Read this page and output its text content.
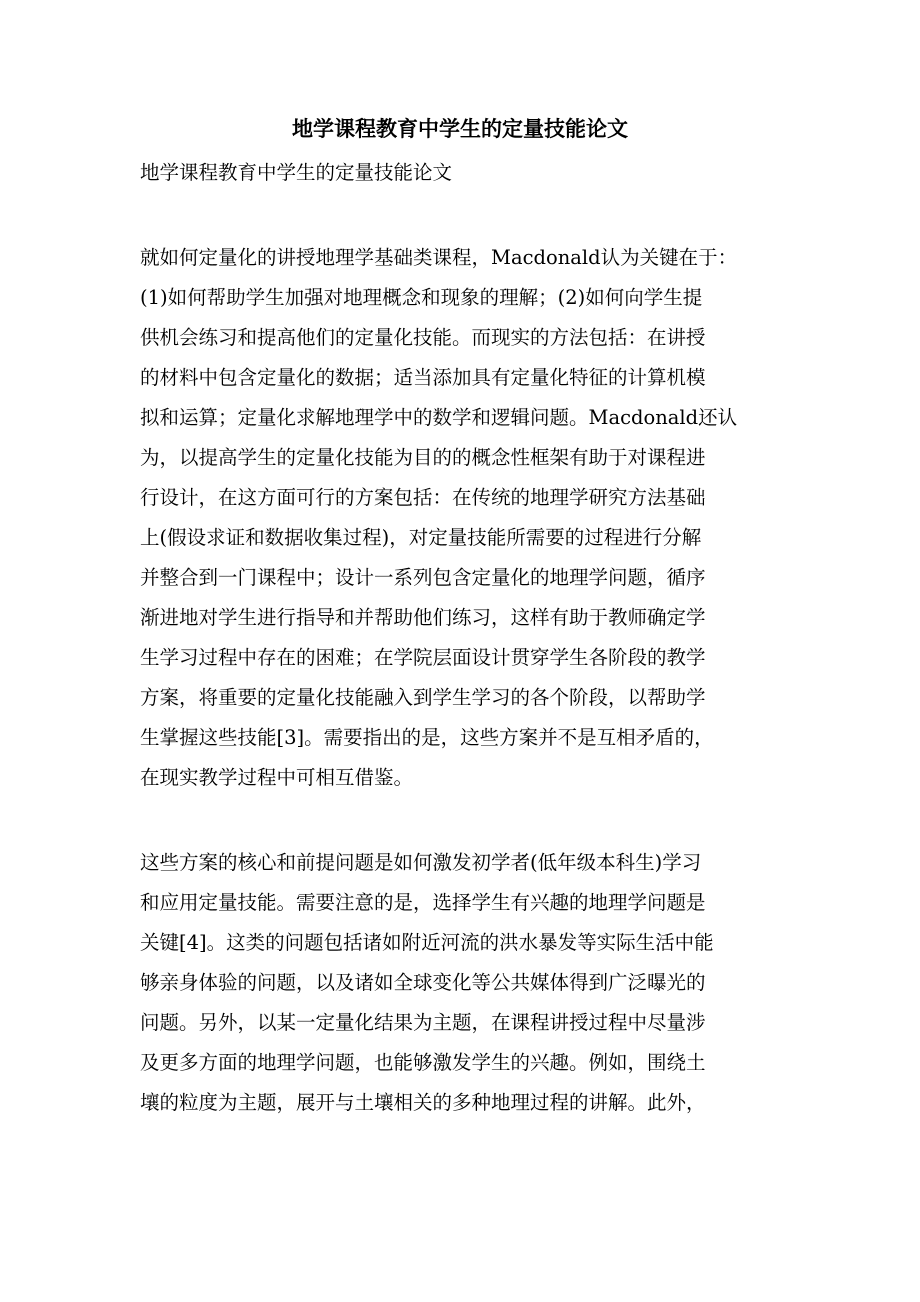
地学课程教育中学生的定量技能论文

地学课程教育中学生的定量技能论文

就如何定量化的讲授地理学基础类课程，Macdonald认为关键在于：

(1)如何帮助学生加强对地理概念和现象的理解；(2)如何向学生提

供机会练习和提高他们的定量化技能。而现实的方法包括：在讲授

的材料中包含定量化的数据；适当添加具有定量化特征的计算机模

拟和运算；定量化求解地理学中的数学和逻辑问题。Macdonald还认

为，以提高学生的定量化技能为目的的概念性框架有助于对课程进

行设计，在这方面可行的方案包括：在传统的地理学研究方法基础

上(假设求证和数据收集过程)，对定量技能所需要的过程进行分解

并整合到一门课程中；设计一系列包含定量化的地理学问题，循序

渐进地对学生进行指导和并帮助他们练习，这样有助于教师确定学

生学习过程中存在的困难；在学院层面设计贯穿学生各阶段的教学

方案，将重要的定量化技能融入到学生学习的各个阶段，以帮助学

生掌握这些技能[3]。需要指出的是，这些方案并不是互相矛盾的，

在现实教学过程中可相互借鉴。

这些方案的核心和前提问题是如何激发初学者(低年级本科生)学习

和应用定量技能。需要注意的是，选择学生有兴趣的地理学问题是

关键[4]。这类的问题包括诸如附近河流的洪水暴发等实际生活中能

够亲身体验的问题，以及诸如全球变化等公共媒体得到广泛曝光的

问题。另外，以某一定量化结果为主题，在课程讲授过程中尽量涉

及更多方面的地理学问题，也能够激发学生的兴趣。例如，围绕土

壤的粒度为主题，展开与土壤相关的多种地理过程的讲解。此外，
